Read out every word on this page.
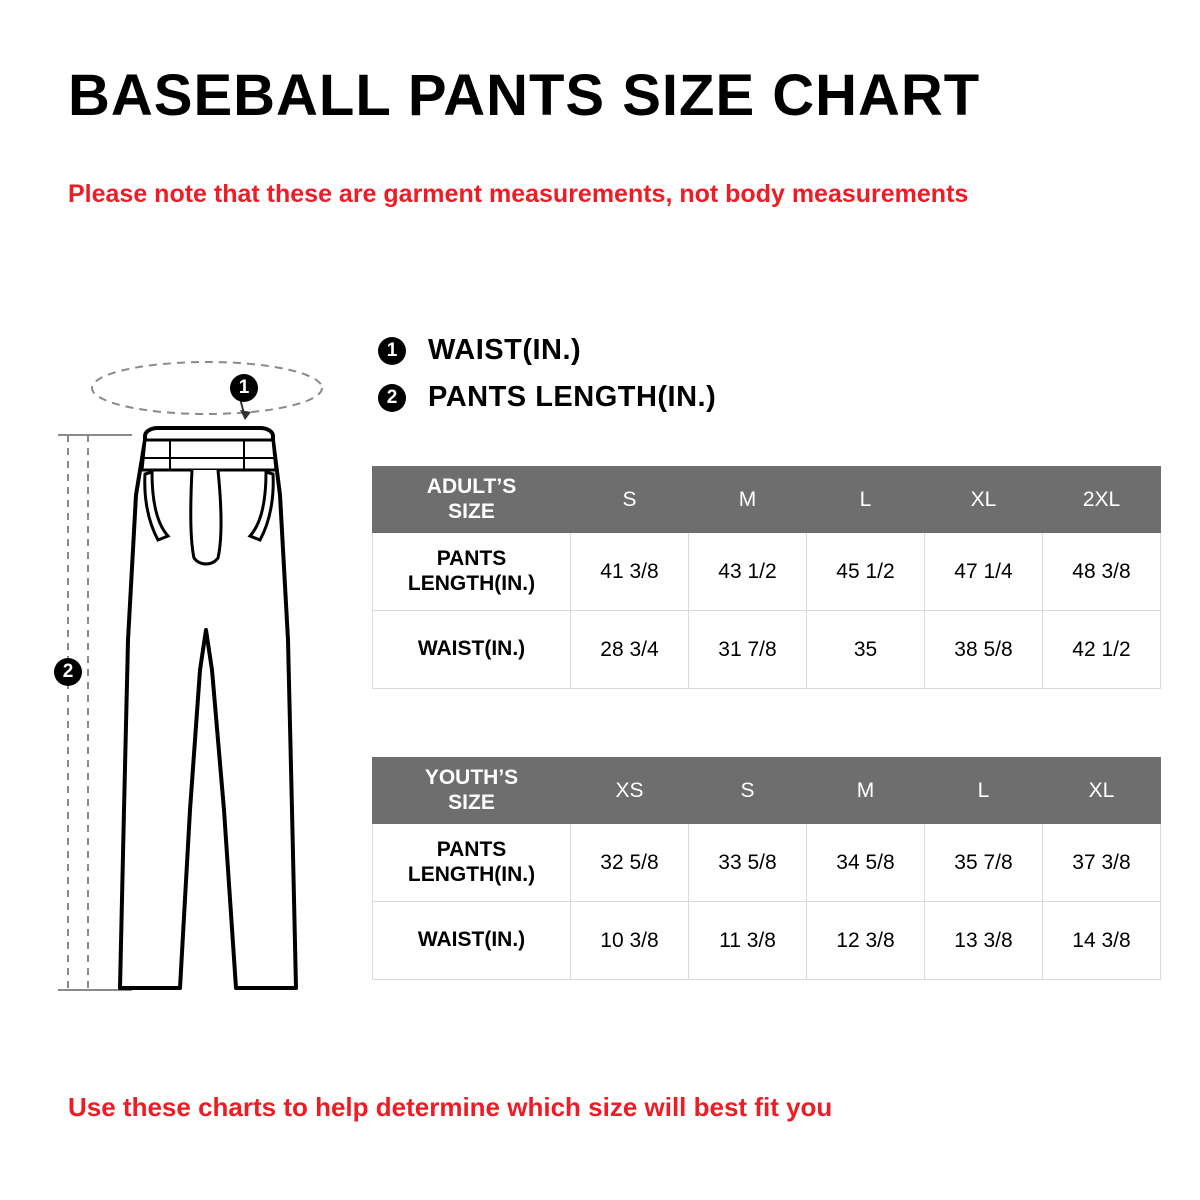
BASEBALL PANTS SIZE CHART
Please note that these are garment measurements, not body measurements
1	WAIST(IN.)
2	PANTS LENGTH(IN.)
1
2
ADULT’S
SIZE	S	M	L	XL	2XL

PANTS
LENGTH(IN.)	41 3/8	43 1/2	45 1/2	47 1/4	48 3/8
WAIST(IN.)	28 3/4	31 7/8	35	38 5/8	42 1/2
YOUTH’S
SIZE	XS	S	M	L	XL

PANTS
LENGTH(IN.)	32 5/8	33 5/8	34 5/8	35 7/8	37 3/8
WAIST(IN.)	10 3/8	11 3/8	12 3/8	13 3/8	14 3/8
Use these charts to help determine which size will best fit you
